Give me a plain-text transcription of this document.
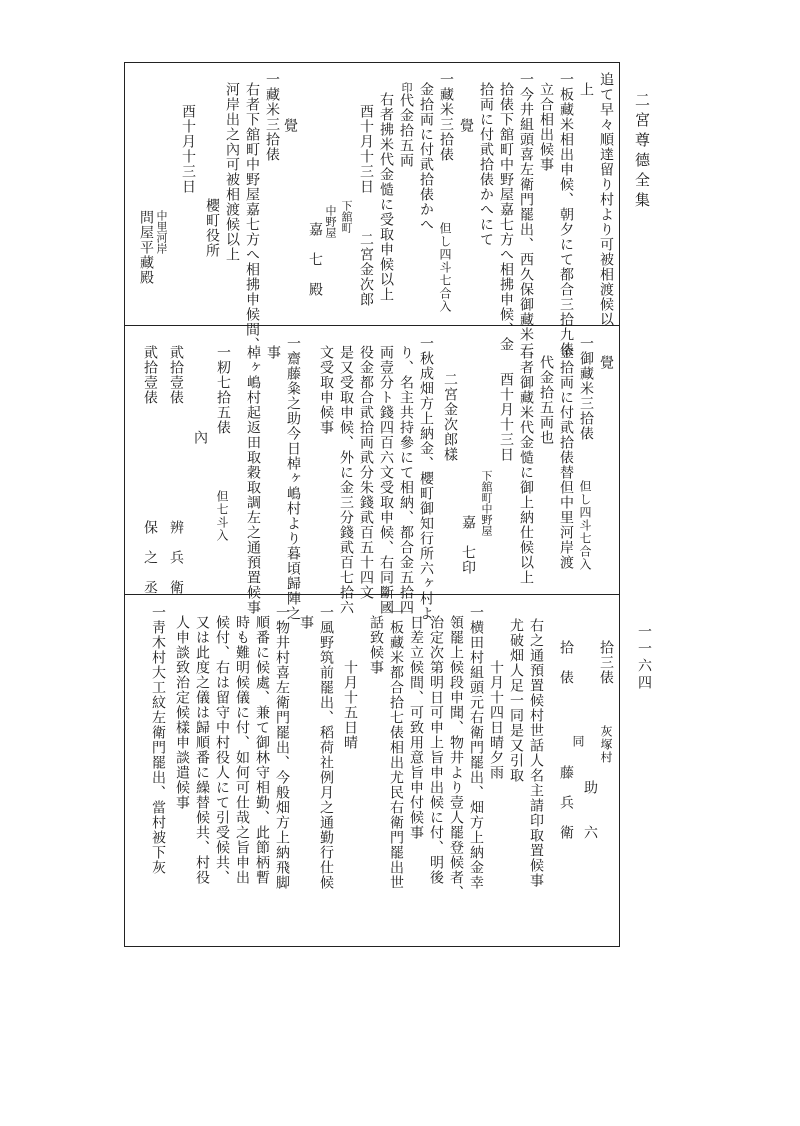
二宮尊德全集
一一六四
追て早々順達留り村より可被相渡候以
上
一板藏米相出申候、朝夕にて都合三拾九俵
立合相出候事
一今井組頭喜左衛門罷出、西久保御藏米三
拾俵下舘町中野屋嘉七方へ相拂申候、金
拾両に付貮拾俵かへにて
覺
一藏米三拾俵
但し四斗七合入
金拾両に付貮拾俵かへ
印代金拾五両
右者拂米代金慥に受取申候以上
酉十月十三日
二宮金次郎
下舘町
中野屋
嘉　七　殿
覺
一藏米三拾俵
右者下舘町中野屋嘉七方へ相拂申候間、
河岸出之內可被相渡候以上
櫻町役所
酉十月十三日
中里河岸
問屋平藏殿
覺
一御藏米三拾俵
但し四斗七合入
金拾両に付貮拾俵替但中里河岸渡
代金拾五両也
右者御藏米代金慥に御上納仕候以上
酉十月十三日
下舘町中野屋
嘉　七印
二宮金次郎樣
一秋成畑方上納金、櫻町御知行所六ヶ村よ
り、名主共持參にて相納、都合金五拾四
両壹分ト錢四百六文受取申候、右同斷國
役金都合貮拾両貮分朱錢貮百五十四文
是又受取申候、外に金三分錢貮百七拾六
文受取申候事
一齋藤粂之助今日棹ヶ嶋村より暮頃歸陣之
事
棹ヶ嶋村起返田取穀取調左之通預置候事
一籾七拾五俵
但七斗入
內
貮拾壹俵
辨　兵　衛
貮拾壹俵
保　之　丞
拾三俵
灰塚村
助　　六
拾　俵
同
藤　兵　衛
右之通預置候村世話人名主請印取置候事
尤破畑人足一同是又引取
十月十四日晴夕雨
一横田村組頭元右衛門罷出、畑方上納金幸
領罷上候段申聞、物井より壹人罷登候者、
治定次第明日可申上旨申出候に付、明後
日差立候間、可致用意旨申付候事
一板藏米都合拾七俵相出尤民右衛門罷出世
話致候事
十月十五日晴
一風野筑前罷出、稻荷社例月之通勤行仕候
事
一物井村喜左衛門罷出、今般畑方上納飛脚
順番に候處、兼て御林守相勤、此節柄暫
時も難明候儀に付、如何可仕哉之旨申出
候付、右は留守中村役人にて引受候共、
又は此度之儀は歸順番に繰替候共、村役
人申談致治定候樣申談遣候事
一靑木村大工紋左衛門罷出、當村被下灰
